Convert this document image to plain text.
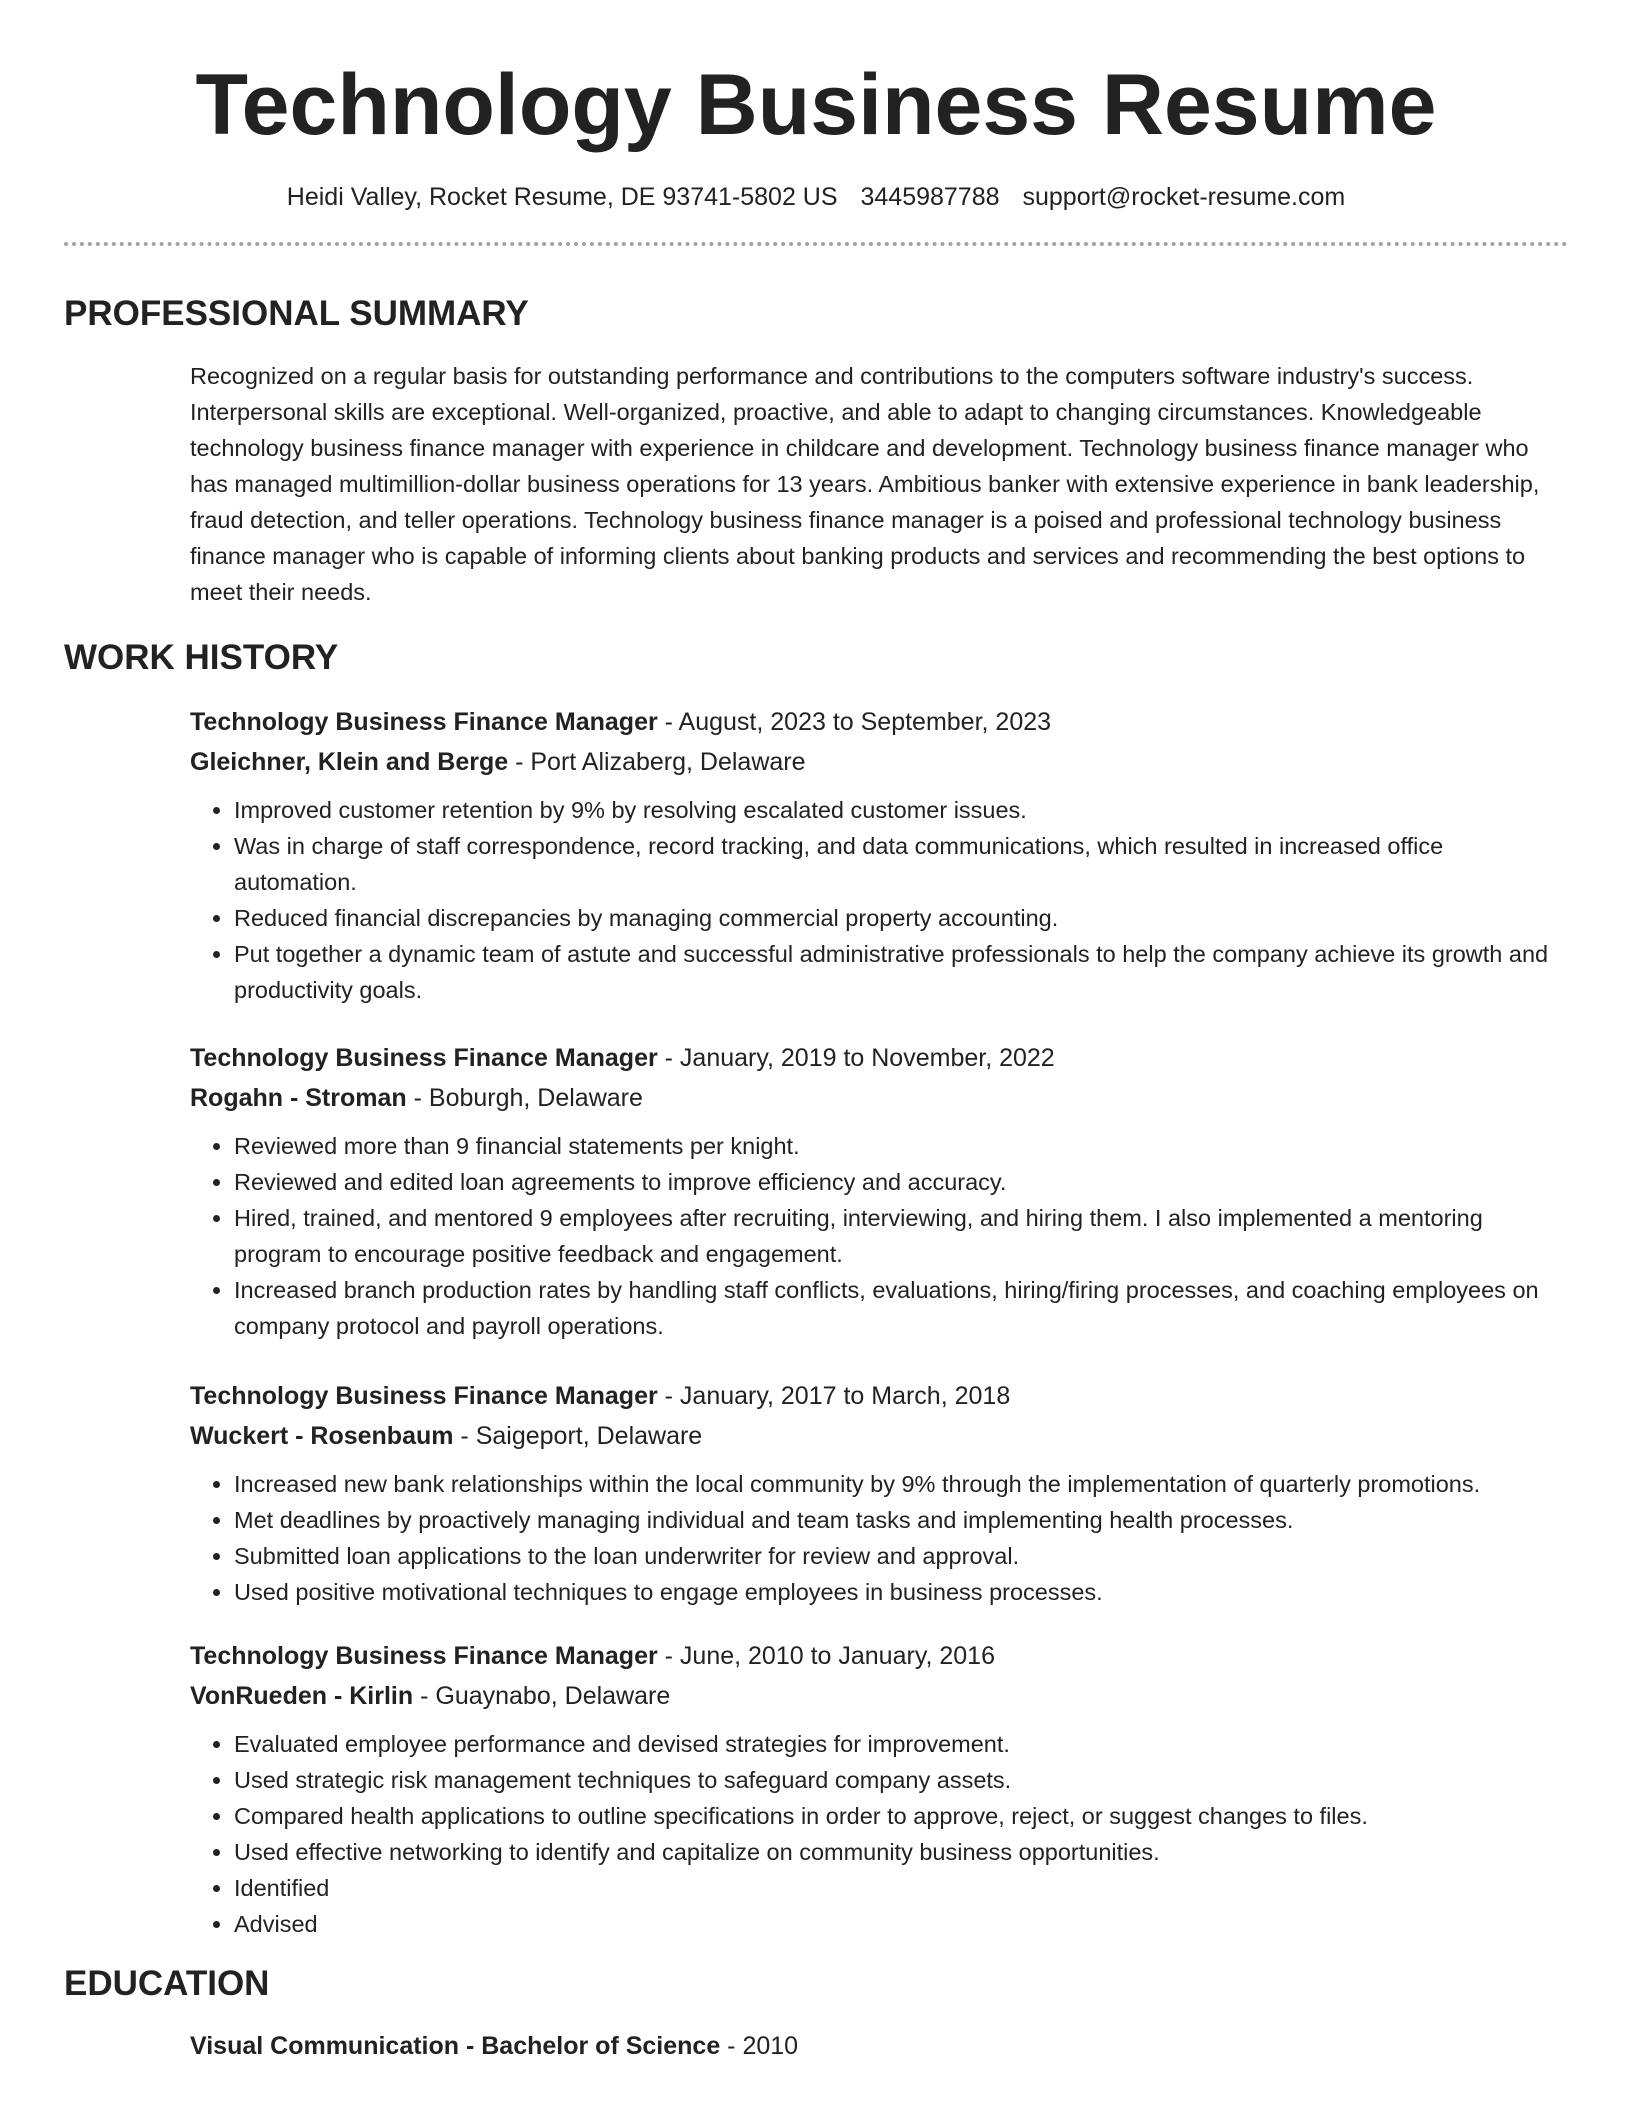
Technology Business Resume
Heidi Valley, Rocket Resume, DE 93741-5802 US 3445987788 support@rocket-resume.com
PROFESSIONAL SUMMARY
Recognized on a regular basis for outstanding performance and contributions to the computers software industry's success. Interpersonal skills are exceptional. Well-organized, proactive, and able to adapt to changing circumstances. Knowledgeable technology business finance manager with experience in childcare and development. Technology business finance manager who has managed multimillion-dollar business operations for 13 years. Ambitious banker with extensive experience in bank leadership, fraud detection, and teller operations. Technology business finance manager is a poised and professional technology business finance manager who is capable of informing clients about banking products and services and recommending the best options to meet their needs.
WORK HISTORY
Technology Business Finance Manager - August, 2023 to September, 2023
Gleichner, Klein and Berge - Port Alizaberg, Delaware
• Improved customer retention by 9% by resolving escalated customer issues.
• Was in charge of staff correspondence, record tracking, and data communications, which resulted in increased office automation.
• Reduced financial discrepancies by managing commercial property accounting.
• Put together a dynamic team of astute and successful administrative professionals to help the company achieve its growth and productivity goals.
Technology Business Finance Manager - January, 2019 to November, 2022
Rogahn - Stroman - Boburgh, Delaware
• Reviewed more than 9 financial statements per knight.
• Reviewed and edited loan agreements to improve efficiency and accuracy.
• Hired, trained, and mentored 9 employees after recruiting, interviewing, and hiring them. I also implemented a mentoring program to encourage positive feedback and engagement.
• Increased branch production rates by handling staff conflicts, evaluations, hiring/firing processes, and coaching employees on company protocol and payroll operations.
Technology Business Finance Manager - January, 2017 to March, 2018
Wuckert - Rosenbaum - Saigeport, Delaware
• Increased new bank relationships within the local community by 9% through the implementation of quarterly promotions.
• Met deadlines by proactively managing individual and team tasks and implementing health processes.
• Submitted loan applications to the loan underwriter for review and approval.
• Used positive motivational techniques to engage employees in business processes.
Technology Business Finance Manager - June, 2010 to January, 2016
VonRueden - Kirlin - Guaynabo, Delaware
• Evaluated employee performance and devised strategies for improvement.
• Used strategic risk management techniques to safeguard company assets.
• Compared health applications to outline specifications in order to approve, reject, or suggest changes to files.
• Used effective networking to identify and capitalize on community business opportunities.
• Identified
• Advised
EDUCATION
Visual Communication - Bachelor of Science - 2010
